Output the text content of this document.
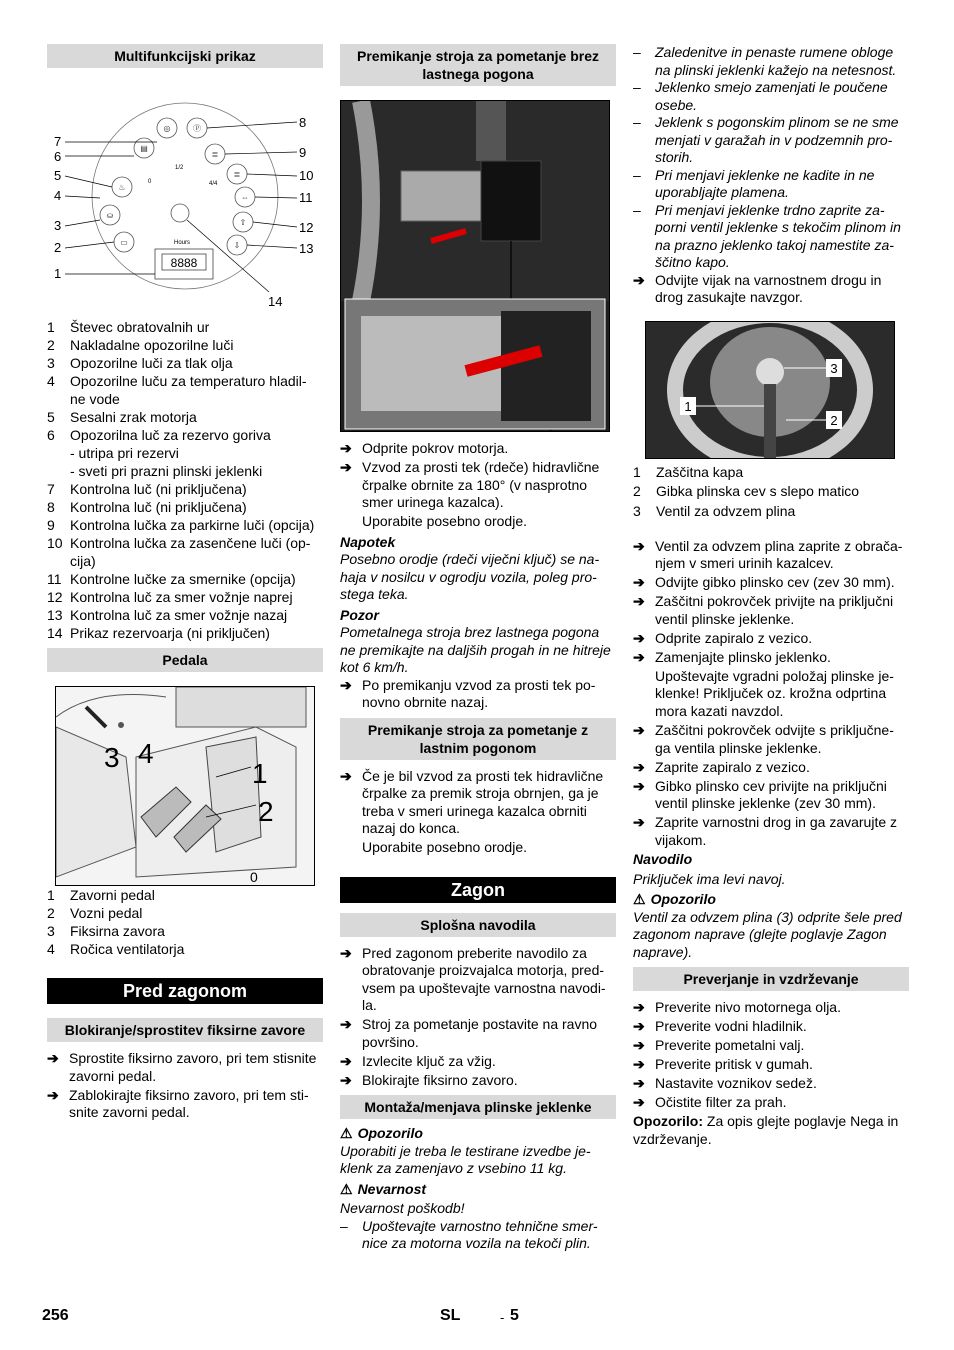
Multifunkcijski prikaz
◎
▤
♨
⛀
▭
Ⓟ
≣
≣
⇔
⇧
⇩
0
1/2
4/4
Hours
8888
7
6
5
4
3
2
1
8
9
10
11
12
13
14
1	Števec obratovalnih ur
2	Nakladalne opozorilne luči
3	Opozorilne luči za tlak olja
4	Opozorilne luču za temperaturo hladil-
ne vode
5	Sesalni zrak motorja
6	Opozorilna luč za rezervo goriva
- utripa pri rezervi
- sveti pri prazni plinski jeklenki
7	Kontrolna luč (ni priključena)
8	Kontrolna luč (ni priključena)
9	Kontrolna lučka za parkirne luči (opcija)
10 Kontrolna lučka za zasenčene luči (op-
cija)
11 Kontrolne lučke za smernike (opcija)
12 Kontrolna luč za smer vožnje naprej
13 Kontrolna luč za smer vožnje nazaj
14 Prikaz rezervoarja (ni priključen)
Pedala
3 4
1
2
0
1	Zavorni pedal
2	Vozni pedal
3	Fiksirna zavora
4	Ročica ventilatorja
Pred zagonom
Blokiranje/sprostitev fiksirne zavore
➔ Sprostite fiksirno zavoro, pri tem stisnite zavorni pedal.
➔ Zablokirajte fiksirno zavoro, pri tem sti-snite zavorni pedal.
Premikanje stroja za pometanje brez lastnega pogona
➔ Odprite pokrov motorja.
➔ Vzvod za prosti tek (rdeče) hidravlične črpalke obrnite za 180° (v nasprotno smer urinega kazalca).
Uporabite posebno orodje.
Napotek
Posebno orodje (rdeči viječni ključ) se na-haja v nosilcu v ogrodju vozila, poleg pro-stega teka.
Pozor
Pometalnega stroja brez lastnega pogona ne premikajte na daljših progah in ne hitreje kot 6 km/h.
➔ Po premikanju vzvod za prosti tek po-novno obrnite nazaj.
Premikanje stroja za pometanje z lastnim pogonom
➔ Če je bil vzvod za prosti tek hidravlične črpalke za premik stroja obrnjen, ga je treba v smeri urinega kazalca obrniti nazaj do konca.
Uporabite posebno orodje.
Zagon
Splošna navodila
➔ Pred zagonom preberite navodilo za obratovanje proizvajalca motorja, pred-vsem pa upoštevajte varnostna navodi-la.
➔ Stroj za pometanje postavite na ravno površino.
➔ Izvlecite ključ za vžig.
➔ Blokirajte fiksirno zavoro.
Montaža/menjava plinske jeklenke
⚠ Opozorilo
Uporabiti je treba le testirane izvedbe je-klenk za zamenjavo z vsebino 11 kg.
⚠ Nevarnost
Nevarnost poškodb!
–	Upoštevajte varnostno tehnične smer-nice za motorna vozila na tekoči plin.
–	Zaledenitve in penaste rumene obloge na plinski jeklenki kažejo na netesnost.
–	Jeklenko smejo zamenjati le poučene osebe.
–	Jeklenk s pogonskim plinom se ne sme menjati v garažah in v podzemnih pro-storih.
–	Pri menjavi jeklenke ne kadite in ne uporabljajte plamena.
–	Pri menjavi jeklenke trdno zaprite za-porni ventil jeklenke s tekočim plinom in na prazno jeklenko takoj namestite za-ščitno kapo.
➔ Odvijte vijak na varnostnem drogu in drog zasukajte navzgor.
1
2
3
1	Zaščitna kapa
2	Gibka plinska cev s slepo matico
3	Ventil za odvzem plina
➔ Ventil za odvzem plina zaprite z obrača-njem v smeri urinih kazalcev.
➔ Odvijte gibko plinsko cev (zev 30 mm).
➔ Zaščitni pokrovček privijte na priključni ventil plinske jeklenke.
➔ Odprite zapiralo z vezico.
➔ Zamenjajte plinsko jeklenko.
Upoštevajte vgradni položaj plinske je-klenke! Priključek oz. krožna odprtina mora kazati navzdol.
➔ Zaščitni pokrovček odvijte s priključne-ga ventila plinske jeklenke.
➔ Zaprite zapiralo z vezico.
➔ Gibko plinsko cev privijte na priključni ventil plinske jeklenke (zev 30 mm).
➔ Zaprite varnostni drog in ga zavarujte z vijakom.
Navodilo
Priključek ima levi navoj.
⚠ Opozorilo
Ventil za odvzem plina (3) odprite šele pred zagonom naprave (glejte poglavje Zagon naprave).
Preverjanje in vzdrževanje
➔ Preverite nivo motornega olja.
➔ Preverite vodni hladilnik.
➔ Preverite pometalni valj.
➔ Preverite pritisk v gumah.
➔ Nastavite voznikov sedež.
➔ Očistite filter za prah.
Opozorilo: Za opis glejte poglavje Nega in vzdrževanje.
256	SL	- 5
